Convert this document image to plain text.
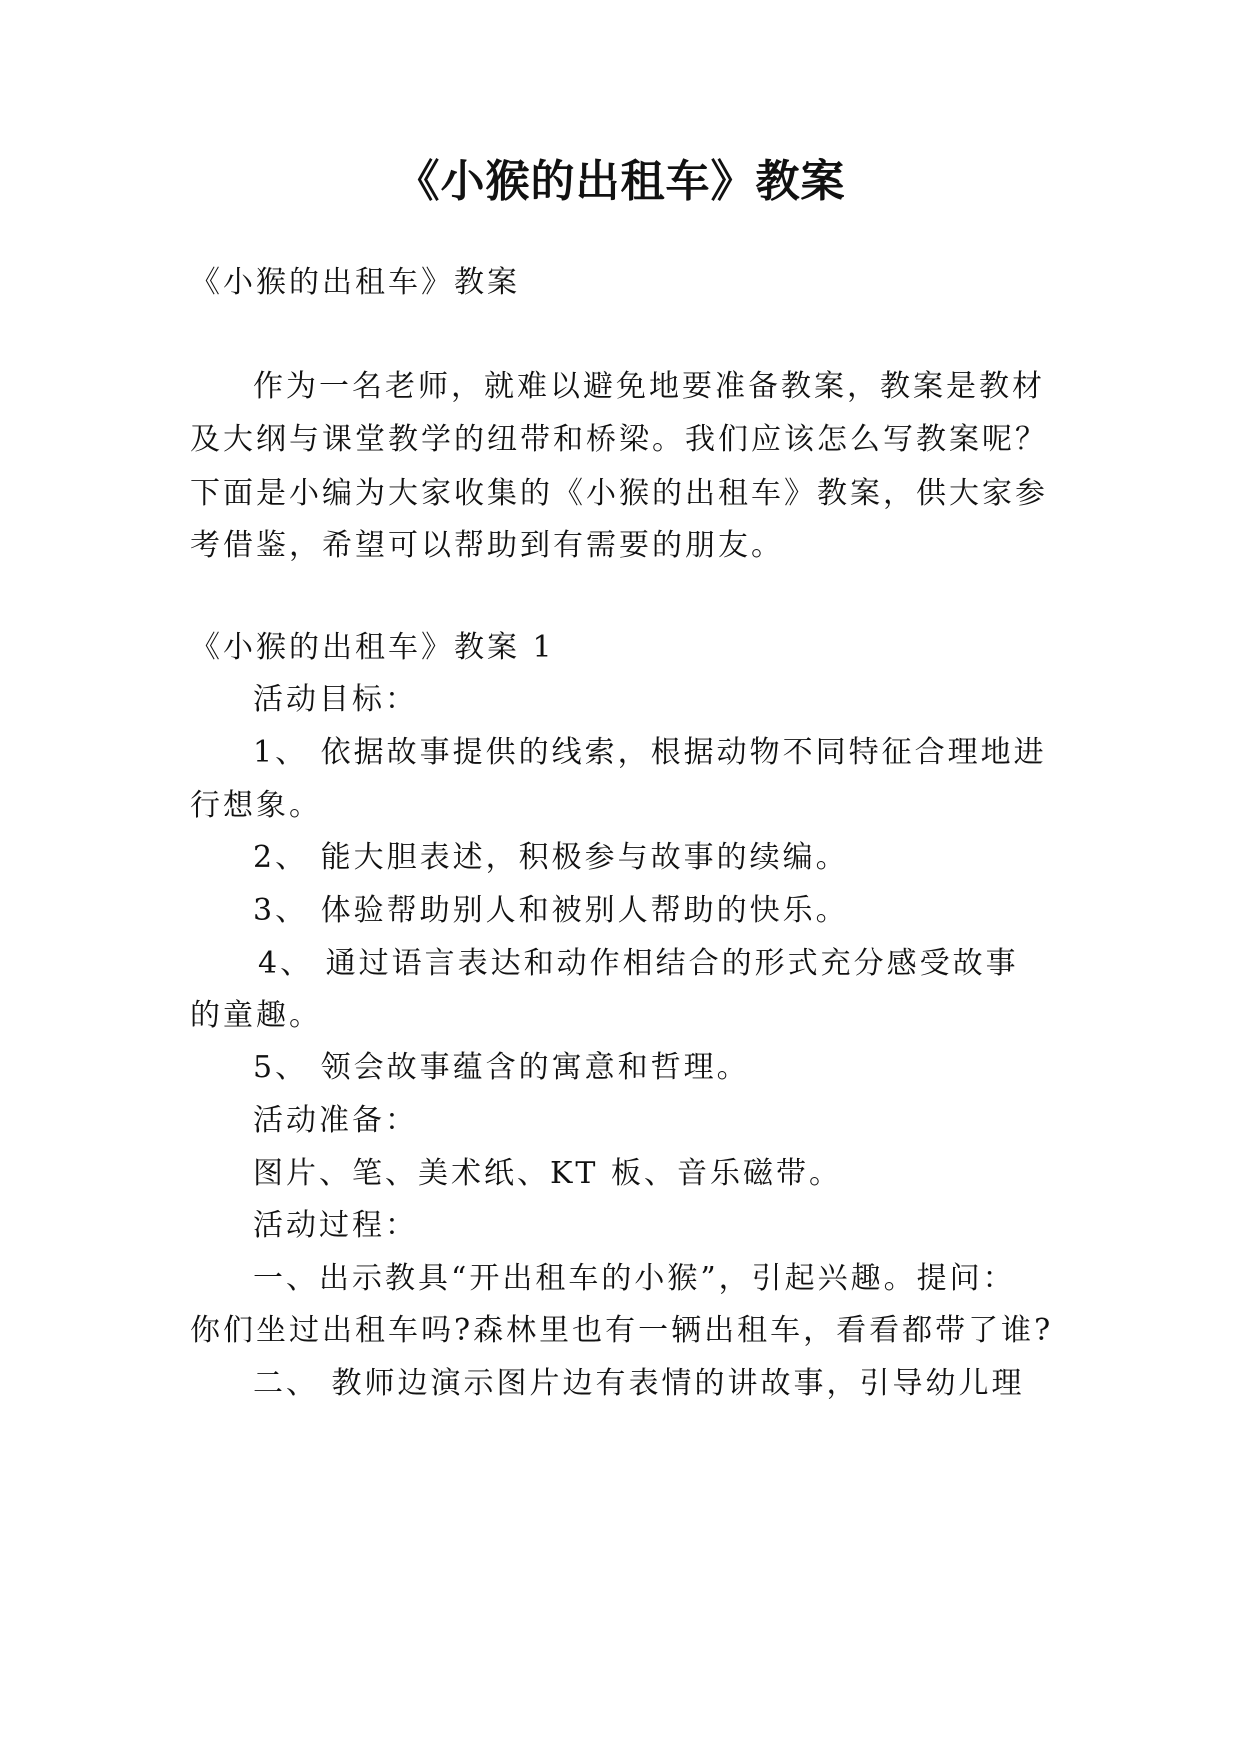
《小猴的出租车》教案
《小猴的出租车》教案
作为一名老师，就难以避免地要准备教案，教案是教材
及大纲与课堂教学的纽带和桥梁。我们应该怎么写教案呢？
下面是小编为大家收集的《小猴的出租车》教案，供大家参
考借鉴，希望可以帮助到有需要的朋友。
《小猴的出租车》教案 1
活动目标：
1、 依据故事提供的线索，根据动物不同特征合理地进
行想象。
2、 能大胆表述，积极参与故事的续编。
3、 体验帮助别人和被别人帮助的快乐。
4、 通过语言表达和动作相结合的形式充分感受故事
的童趣。
5、 领会故事蕴含的寓意和哲理。
活动准备：
图片、笔、美术纸、KT 板、音乐磁带。
活动过程：
一、出示教具“开出租车的小猴”，引起兴趣。提问：
你们坐过出租车吗?森林里也有一辆出租车，看看都带了谁?
二、 教师边演示图片边有表情的讲故事，引导幼儿理
